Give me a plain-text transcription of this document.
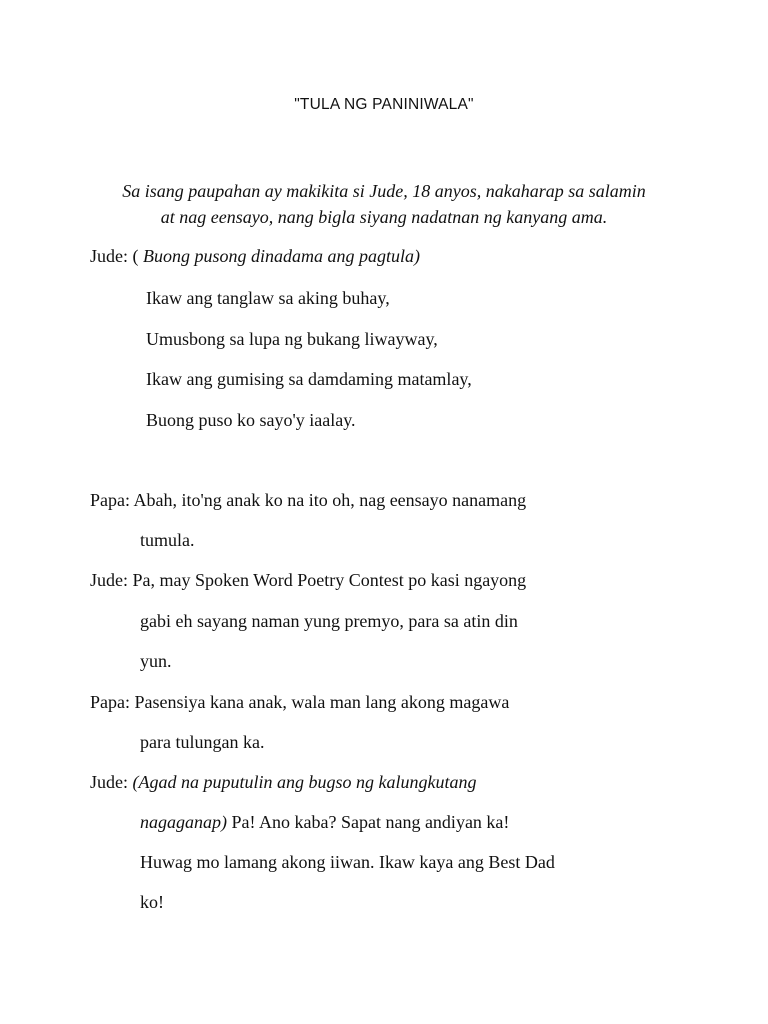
"TULA NG PANINIWALA"
Sa isang paupahan ay makikita si Jude, 18 anyos, nakaharap sa salamin
at nag eensayo, nang bigla siyang nadatnan ng kanyang ama.
Jude: ( Buong pusong dinadama ang pagtula)
Ikaw ang tanglaw sa aking buhay,
Umusbong sa lupa ng bukang liwayway,
Ikaw ang gumising sa damdaming matamlay,
Buong puso ko sayo'y iaalay.
Papa: Abah, ito'ng anak ko na ito oh, nag eensayo nanamang
tumula.
Jude: Pa, may Spoken Word Poetry Contest po kasi ngayong
gabi eh sayang naman yung premyo, para sa atin din
yun.
Papa: Pasensiya kana anak, wala man lang akong magawa
para tulungan ka.
Jude: (Agad na puputulin ang bugso ng kalungkutang
nagaganap) Pa! Ano kaba? Sapat nang andiyan ka!
Huwag mo lamang akong iiwan. Ikaw kaya ang Best Dad
ko!
